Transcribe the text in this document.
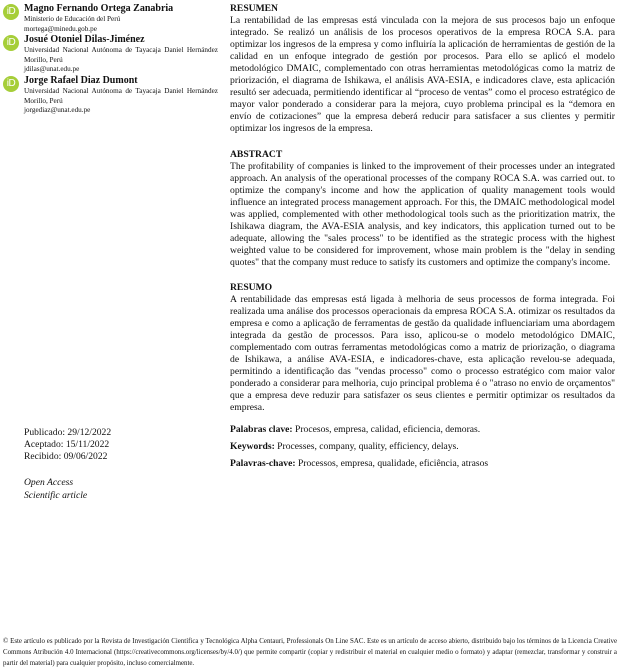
iD Magno Fernando Ortega Zanabria
Ministerio de Educación del Perú
mortega@minedu.gob.pe
iD Josué Otoniel Dilas-Jiménez
Universidad Nacional Autónoma de Tayacaja Daniel Hernández Morillo, Perú
jdilas@unat.edu.pe
iD Jorge Rafael Diaz Dumont
Universidad Nacional Autónoma de Tayacaja Daniel Hernández Morillo, Perú
jorgediaz@unat.edu.pe
Publicado: 29/12/2022
Aceptado: 15/11/2022
Recibido: 09/06/2022
Open Access
Scientific article
RESUMEN

La rentabilidad de las empresas está vinculada con la mejora de sus procesos bajo un enfoque integrado. Se realizó un análisis de los procesos operativos de la empresa ROCA S.A. para optimizar los ingresos de la empresa y como influiría la aplicación de herramientas de gestión de la calidad en un enfoque integrado de gestión por procesos. Para ello se aplicó el modelo metodológico DMAIC, complementado con otras herramientas metodológicas como la matriz de priorización, el diagrama de Ishikawa, el análisis AVA-ESIA, e indicadores clave, esta aplicación resultó ser adecuada, permitiendo identificar al “proceso de ventas” como el proceso estratégico de mayor valor ponderado a considerar para la mejora, cuyo problema principal es la “demora en envío de cotizaciones” que la empresa deberá reducir para satisfacer a sus clientes y permitir optimizar los ingresos de la empresa.

ABSTRACT

The profitability of companies is linked to the improvement of their processes under an integrated approach. An analysis of the operational processes of the company ROCA S.A. was carried out. to optimize the company's income and how the application of quality management tools would influence an integrated process management approach. For this, the DMAIC methodological model was applied, complemented with other methodological tools such as the prioritization matrix, the Ishikawa diagram, the AVA-ESIA analysis, and key indicators, this application turned out to be adequate, allowing the "sales process" to be identified as the strategic process with the highest weighted value to be considered for improvement, whose main problem is the "delay in sending quotes" that the company must reduce to satisfy its customers and optimize the company's income.

RESUMO

A rentabilidade das empresas está ligada à melhoria de seus processos de forma integrada. Foi realizada uma análise dos processos operacionais da empresa ROCA S.A. otimizar os resultados da empresa e como a aplicação de ferramentas de gestão da qualidade influenciariam uma abordagem integrada da gestão de processos. Para isso, aplicou-se o modelo metodológico DMAIC, complementado com outras ferramentas metodológicas como a matriz de priorização, o diagrama de Ishikawa, a análise AVA-ESIA, e indicadores-chave, esta aplicação revelou-se adequada, permitindo a identificação das "vendas processo" como o processo estratégico com maior valor ponderado a considerar para melhoria, cujo principal problema é o "atraso no envio de orçamentos" que a empresa deve reduzir para satisfazer os seus clientes e permitir optimizar os resultados da empresa.

Palabras clave: Procesos, empresa, calidad, eficiencia, demoras.
Keywords: Processes, company, quality, efficiency, delays.
Palavras-chave: Processos, empresa, qualidade, eficiência, atrasos
© Este artículo es publicado por la Revista de Investigación Científica y Tecnológica Alpha Centauri, Professionals On Line SAC. Este es un artículo de acceso abierto, distribuido bajo los términos de la Licencia Creative Commons Atribución 4.0 Internacional (https://creativecommons.org/licenses/by/4.0/) que permite compartir (copiar y redistribuir el material en cualquier medio o formato) y adaptar (remezclar, transformar y construir a partir del material) para cualquier propósito, incluso comercialmente.
